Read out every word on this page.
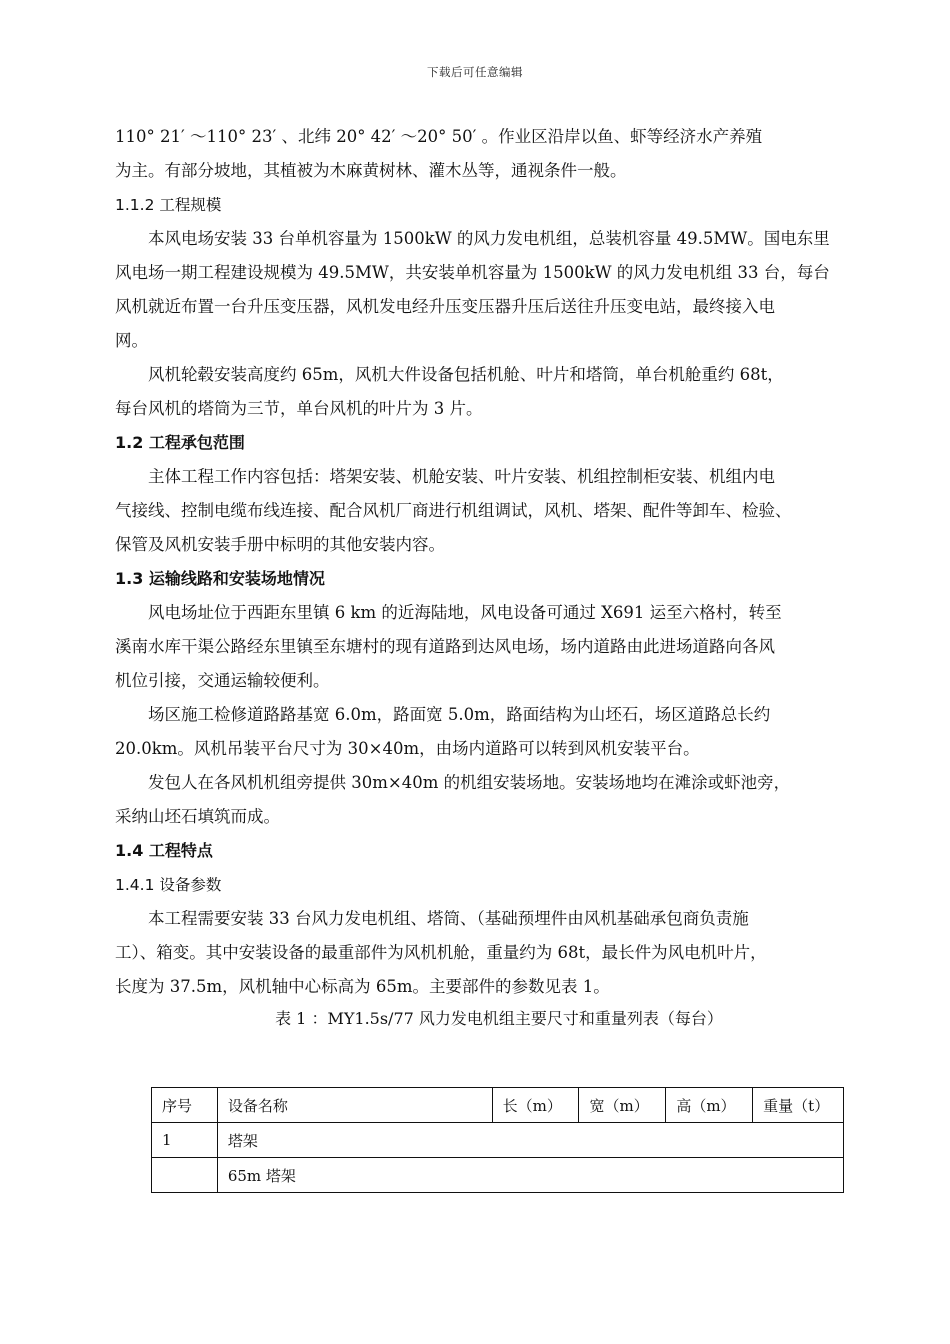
下载后可任意编辑
110° 21′ ～110° 23′ 、北纬 20° 42′ ～20° 50′ 。作业区沿岸以鱼、虾等经济水产养殖
为主。有部分坡地，其植被为木麻黄树林、灌木丛等，通视条件一般。
1.1.2 工程规模
本风电场安装 33 台单机容量为 1500kW 的风力发电机组，总装机容量 49.5MW。国电东里
风电场一期工程建设规模为 49.5MW，共安装单机容量为 1500kW 的风力发电机组 33 台，每台
风机就近布置一台升压变压器，风机发电经升压变压器升压后送往升压变电站，最终接入电
网。
风机轮毂安装高度约 65m，风机大件设备包括机舱、叶片和塔筒，单台机舱重约 68t，
每台风机的塔筒为三节，单台风机的叶片为 3 片。
1.2 工程承包范围
主体工程工作内容包括：塔架安装、机舱安装、叶片安装、机组控制柜安装、机组内电
气接线、控制电缆布线连接、配合风机厂商进行机组调试，风机、塔架、配件等卸车、检验、
保管及风机安装手册中标明的其他安装内容。
1.3 运输线路和安装场地情况
风电场址位于西距东里镇 6 km 的近海陆地，风电设备可通过 X691 运至六格村，转至
溪南水库干渠公路经东里镇至东塘村的现有道路到达风电场，场内道路由此进场道路向各风
机位引接，交通运输较便利。
场区施工检修道路路基宽 6.0m，路面宽 5.0m，路面结构为山坯石，场区道路总长约
20.0km。风机吊装平台尺寸为 30×40m，由场内道路可以转到风机安装平台。
发包人在各风机机组旁提供 30m×40m 的机组安装场地。安装场地均在滩涂或虾池旁，
采纳山坯石填筑而成。
1.4 工程特点
1.4.1 设备参数
本工程需要安装 33 台风力发电机组、塔筒、（基础预埋件由风机基础承包商负责施
工）、箱变。其中安装设备的最重部件为风机机舱，重量约为 68t，最长件为风电机叶片，
长度为 37.5m，风机轴中心标高为 65m。主要部件的参数见表 1。
表 1 ：MY1.5s/77 风力发电机组主要尺寸和重量列表（每台）
序号	设备名称	长（m）	宽（m）	高（m）	重量（t）
1	塔架				
	65m 塔架				
